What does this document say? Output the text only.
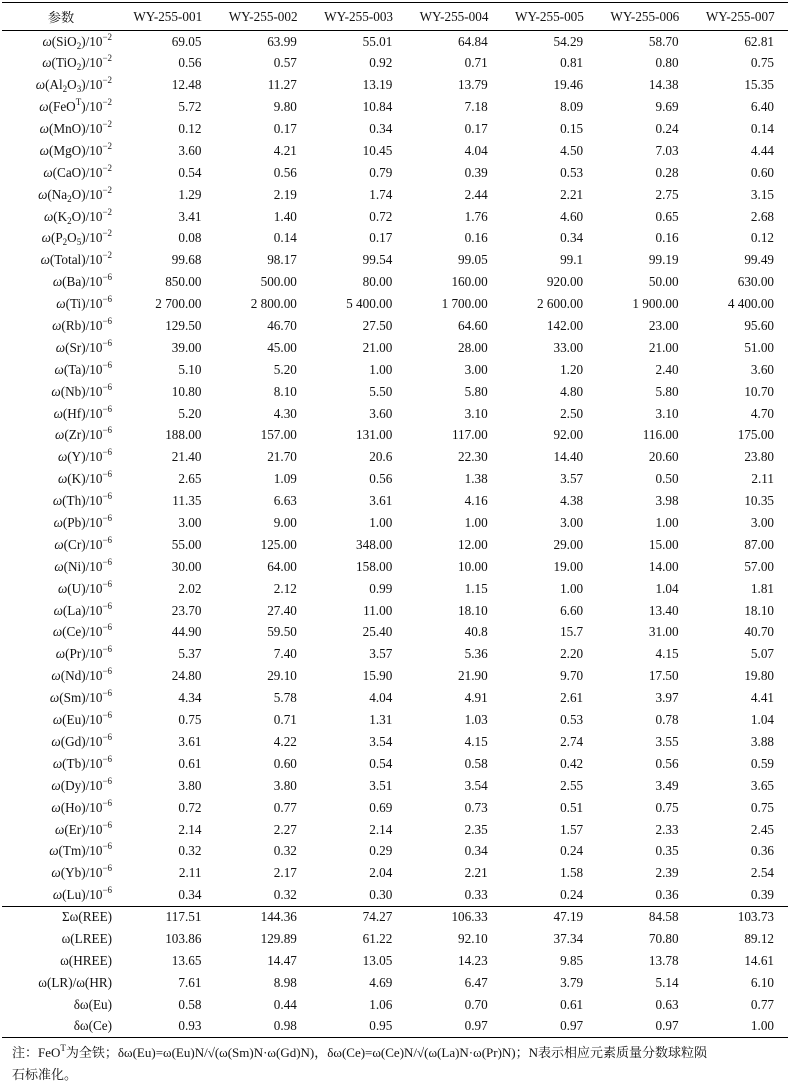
参数	WY-255-001	WY-255-002	WY-255-003	WY-255-004	WY-255-005	WY-255-006	WY-255-007
$\omega(SiO_2)/10^{-2}$	69.05	63.99	55.01	64.84	54.29	58.70	62.81
$\omega(TiO_2)/10^{-2}$	0.56	0.57	0.92	0.71	0.81	0.80	0.75
$\omega(Al_2O_3)/10^{-2}$	12.48	11.27	13.19	13.79	19.46	14.38	15.35
$\omega(FeO^T)/10^{-2}$	5.72	9.80	10.84	7.18	8.09	9.69	6.40
$\omega(MnO)/10^{-2}$	0.12	0.17	0.34	0.17	0.15	0.24	0.14
$\omega(MgO)/10^{-2}$	3.60	4.21	10.45	4.04	4.50	7.03	4.44
$\omega(CaO)/10^{-2}$	0.54	0.56	0.79	0.39	0.53	0.28	0.60
$\omega(Na_2O)/10^{-2}$	1.29	2.19	1.74	2.44	2.21	2.75	3.15
$\omega(K_2O)/10^{-2}$	3.41	1.40	0.72	1.76	4.60	0.65	2.68
$\omega(P_2O_5)/10^{-2}$	0.08	0.14	0.17	0.16	0.34	0.16	0.12
$\omega(Total)/10^{-2}$	99.68	98.17	99.54	99.05	99.1	99.19	99.49
$\omega(Ba)/10^{-6}$	850.00	500.00	80.00	160.00	920.00	50.00	630.00
$\omega(Ti)/10^{-6}$	2 700.00	2 800.00	5 400.00	1 700.00	2 600.00	1 900.00	4 400.00
$\omega(Rb)/10^{-6}$	129.50	46.70	27.50	64.60	142.00	23.00	95.60
$\omega(Sr)/10^{-6}$	39.00	45.00	21.00	28.00	33.00	21.00	51.00
$\omega(Ta)/10^{-6}$	5.10	5.20	1.00	3.00	1.20	2.40	3.60
$\omega(Nb)/10^{-6}$	10.80	8.10	5.50	5.80	4.80	5.80	10.70
$\omega(Hf)/10^{-6}$	5.20	4.30	3.60	3.10	2.50	3.10	4.70
$\omega(Zr)/10^{-6}$	188.00	157.00	131.00	117.00	92.00	116.00	175.00
$\omega(Y)/10^{-6}$	21.40	21.70	20.6	22.30	14.40	20.60	23.80
$\omega(K)/10^{-6}$	2.65	1.09	0.56	1.38	3.57	0.50	2.11
$\omega(Th)/10^{-6}$	11.35	6.63	3.61	4.16	4.38	3.98	10.35
$\omega(Pb)/10^{-6}$	3.00	9.00	1.00	1.00	3.00	1.00	3.00
$\omega(Cr)/10^{-6}$	55.00	125.00	348.00	12.00	29.00	15.00	87.00
$\omega(Ni)/10^{-6}$	30.00	64.00	158.00	10.00	19.00	14.00	57.00
$\omega(U)/10^{-6}$	2.02	2.12	0.99	1.15	1.00	1.04	1.81
$\omega(La)/10^{-6}$	23.70	27.40	11.00	18.10	6.60	13.40	18.10
$\omega(Ce)/10^{-6}$	44.90	59.50	25.40	40.8	15.7	31.00	40.70
$\omega(Pr)/10^{-6}$	5.37	7.40	3.57	5.36	2.20	4.15	5.07
$\omega(Nd)/10^{-6}$	24.80	29.10	15.90	21.90	9.70	17.50	19.80
$\omega(Sm)/10^{-6}$	4.34	5.78	4.04	4.91	2.61	3.97	4.41
$\omega(Eu)/10^{-6}$	0.75	0.71	1.31	1.03	0.53	0.78	1.04
$\omega(Gd)/10^{-6}$	3.61	4.22	3.54	4.15	2.74	3.55	3.88
$\omega(Tb)/10^{-6}$	0.61	0.60	0.54	0.58	0.42	0.56	0.59
$\omega(Dy)/10^{-6}$	3.80	3.80	3.51	3.54	2.55	3.49	3.65
$\omega(Ho)/10^{-6}$	0.72	0.77	0.69	0.73	0.51	0.75	0.75
$\omega(Er)/10^{-6}$	2.14	2.27	2.14	2.35	1.57	2.33	2.45
$\omega(Tm)/10^{-6}$	0.32	0.32	0.29	0.34	0.24	0.35	0.36
$\omega(Yb)/10^{-6}$	2.11	2.17	2.04	2.21	1.58	2.39	2.54
$\omega(Lu)/10^{-6}$	0.34	0.32	0.30	0.33	0.24	0.36	0.39
Σω(REE)	117.51	144.36	74.27	106.33	47.19	84.58	103.73
ω(LREE)	103.86	129.89	61.22	92.10	37.34	70.80	89.12
ω(HREE)	13.65	14.47	13.05	14.23	9.85	13.78	14.61
ω(LR)/ω(HR)	7.61	8.98	4.69	6.47	3.79	5.14	6.10
δω(Eu)	0.58	0.44	1.06	0.70	0.61	0.63	0.77
δω(Ce)	0.93	0.98	0.95	0.97	0.97	0.97	1.00
注：FeO$^T$为全铁；δω(Eu)=ω(Eu)N/√(ω(Sm)N·ω(Gd)N)，δω(Ce)=ω(Ce)N/√(ω(La)N·ω(Pr)N)；N表示相应元素质量分数球粒陨
石标准化。
